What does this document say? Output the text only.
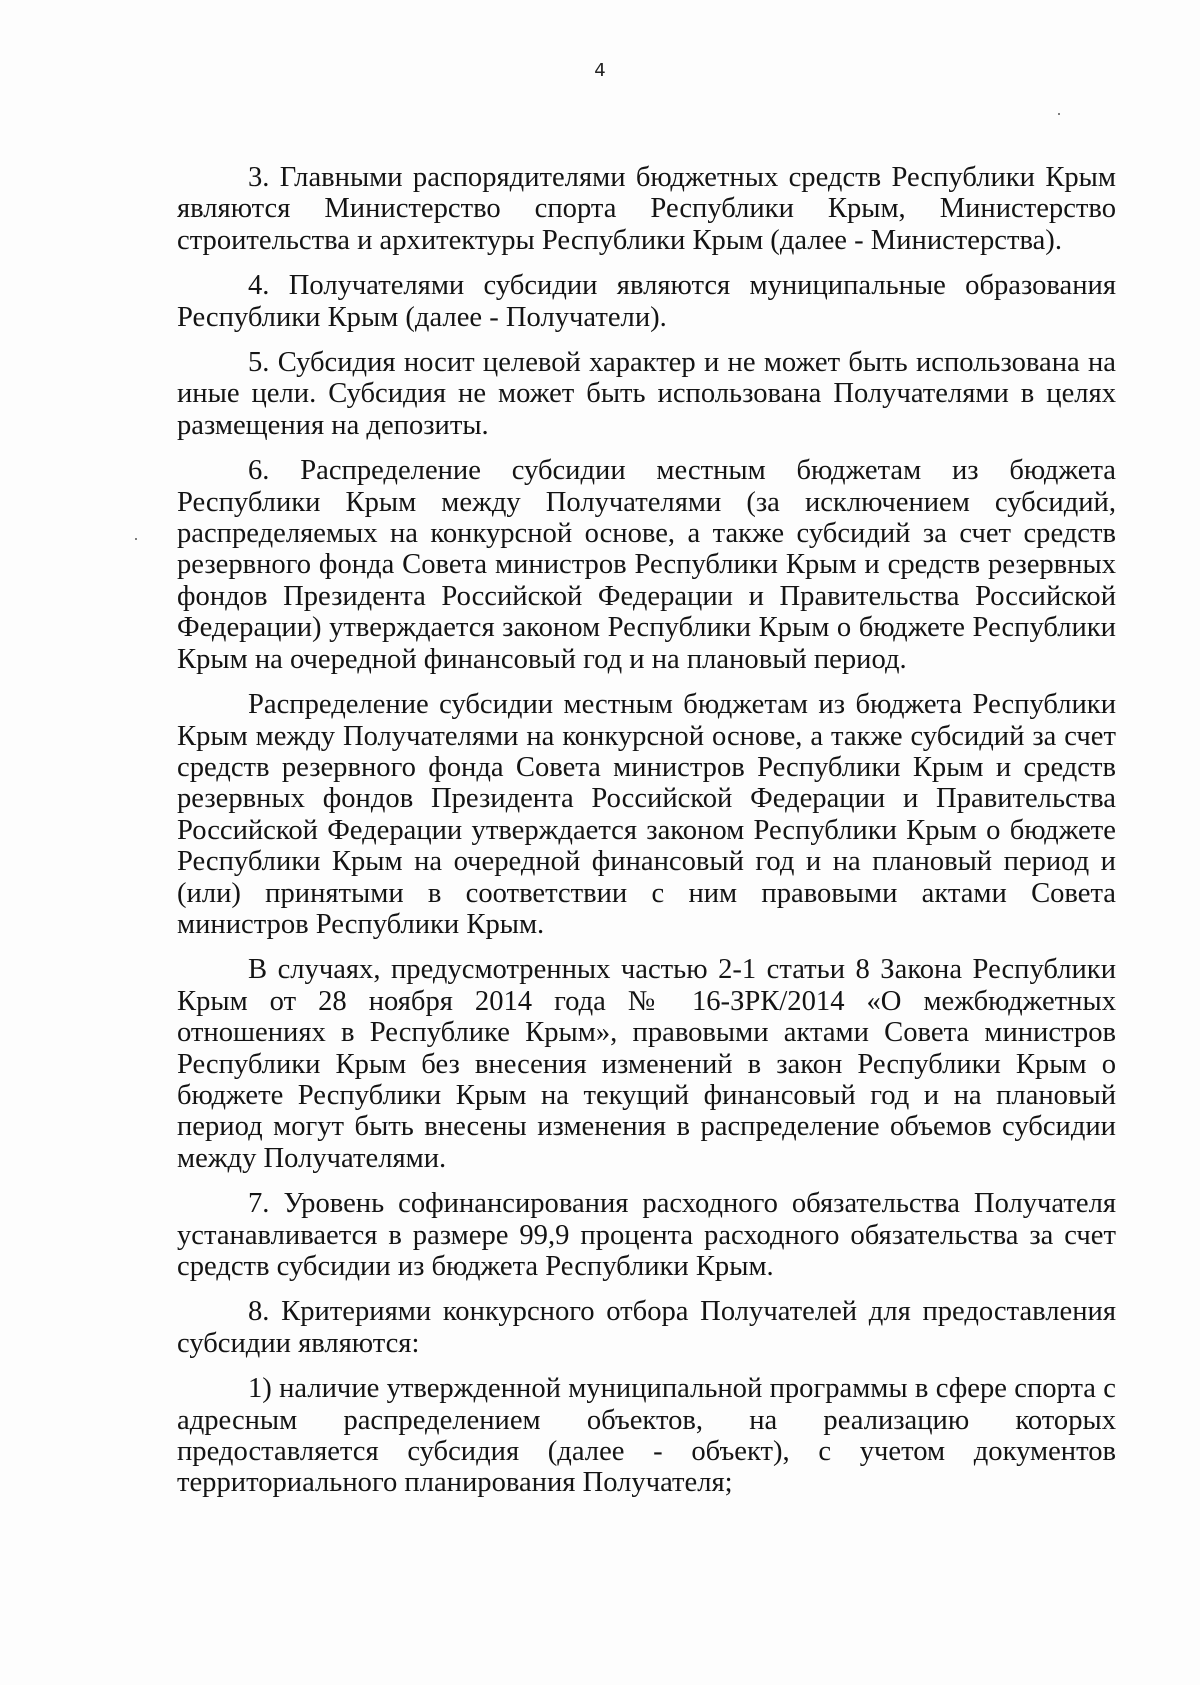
4

3. Главными распорядителями бюджетных средств Республики Крым являются Министерство спорта Республики Крым, Министерство строительства и архитектуры Республики Крым (далее - Министерства).

4. Получателями субсидии являются муниципальные образования Республики Крым (далее - Получатели).

5. Субсидия носит целевой характер и не может быть использована на иные цели. Субсидия не может быть использована Получателями в целях размещения на депозиты.

6. Распределение субсидии местным бюджетам из бюджета Республики Крым между Получателями (за исключением субсидий, распределяемых на конкурсной основе, а также субсидий за счет средств резервного фонда Совета министров Республики Крым и средств резервных фондов Президента Российской Федерации и Правительства Российской Федерации) утверждается законом Республики Крым о бюджете Республики Крым на очередной финансовый год и на плановый период.

Распределение субсидии местным бюджетам из бюджета Республики Крым между Получателями на конкурсной основе, а также субсидий за счет средств резервного фонда Совета министров Республики Крым и средств резервных фондов Президента Российской Федерации и Правительства Российской Федерации утверждается законом Республики Крым о бюджете Республики Крым на очередной финансовый год и на плановый период и (или) принятыми в соответствии с ним правовыми актами Совета министров Республики Крым.

В случаях, предусмотренных частью 2-1 статьи 8 Закона Республики Крым от 28 ноября 2014 года № 16-ЗРК/2014 «О межбюджетных отношениях в Республике Крым», правовыми актами Совета министров Республики Крым без внесения изменений в закон Республики Крым о бюджете Республики Крым на текущий финансовый год и на плановый период могут быть внесены изменения в распределение объемов субсидии между Получателями.

7. Уровень софинансирования расходного обязательства Получателя устанавливается в размере 99,9 процента расходного обязательства за счет средств субсидии из бюджета Республики Крым.

8. Критериями конкурсного отбора Получателей для предоставления субсидии являются:

1) наличие утвержденной муниципальной программы в сфере спорта с адресным распределением объектов, на реализацию которых предоставляется субсидия (далее - объект), с учетом документов территориального планирования Получателя;
